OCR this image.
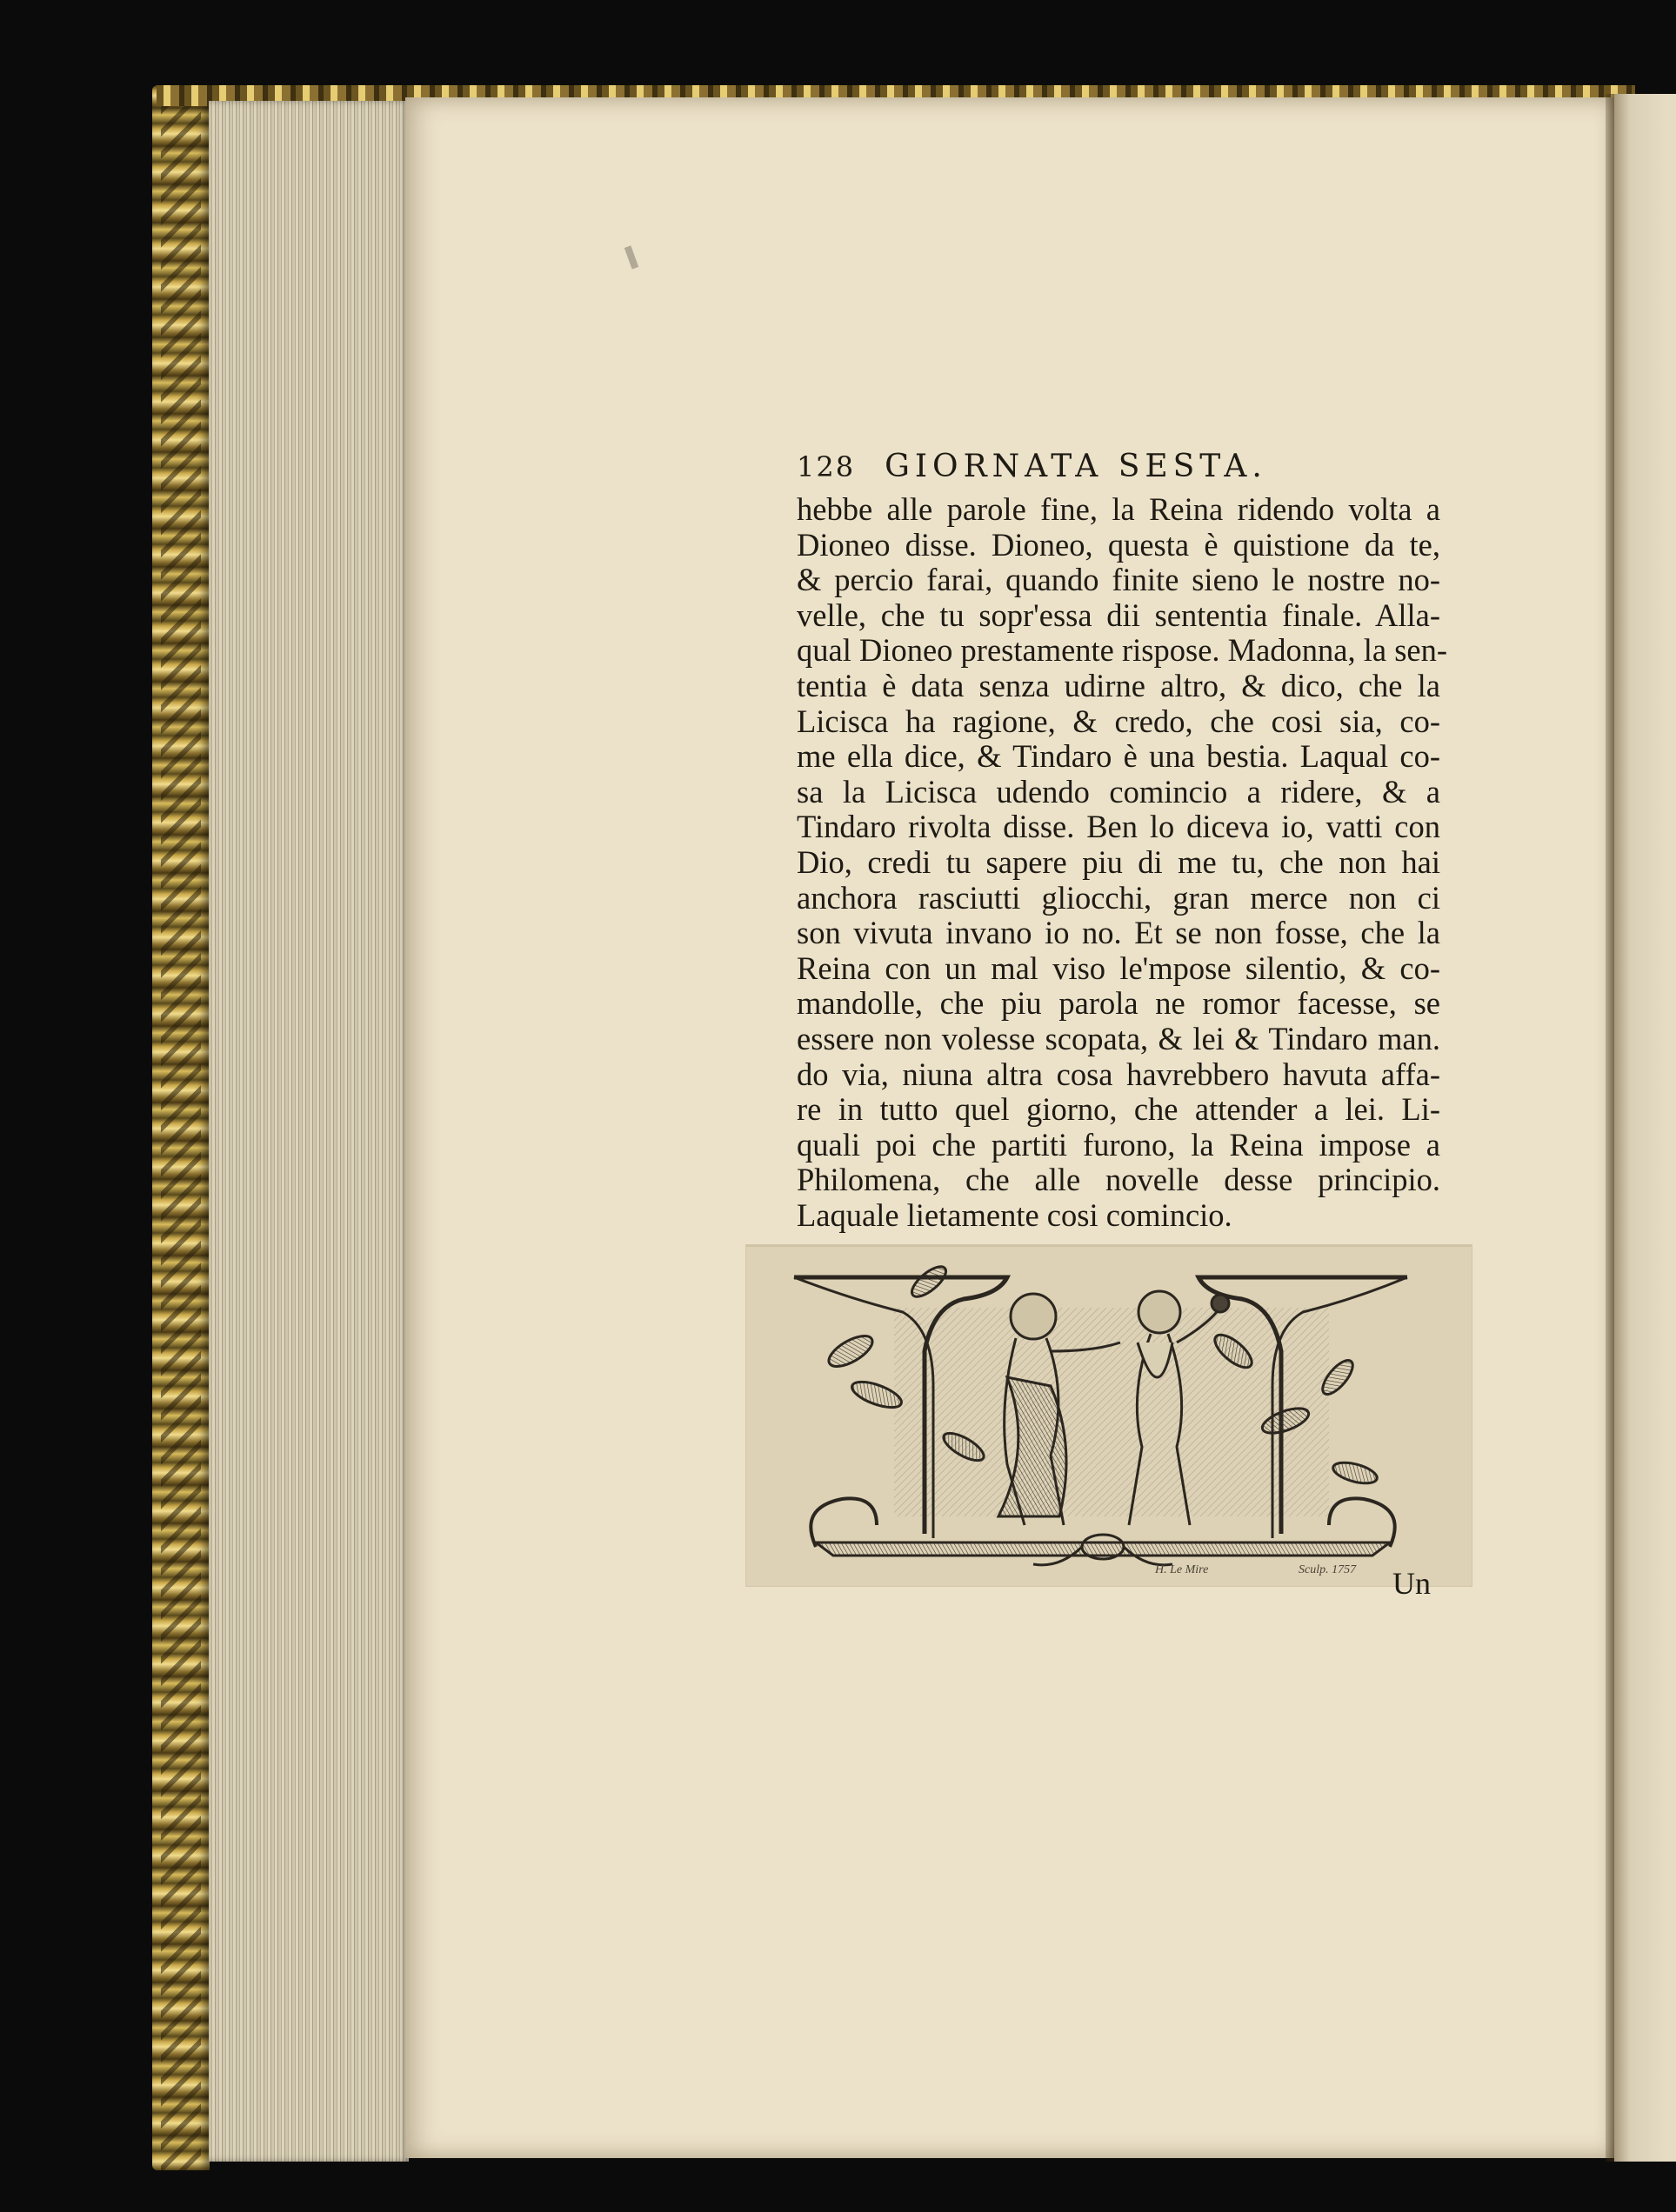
128 GIORNATA SESTA.
hebbe alle parole fine, la Reina ridendo volta a
Dioneo disse. Dioneo, questa è quistione da te,
& percio farai, quando finite sieno le nostre no-
velle, che tu sopr'essa dii sententia finale. Alla-
qual Dioneo prestamente rispose. Madonna, la sen-
tentia è data senza udirne altro, & dico, che la
Licisca ha ragione, & credo, che cosi sia, co-
me ella dice, & Tindaro è una bestia. Laqual co-
sa la Licisca udendo comincio a ridere, & a
Tindaro rivolta disse. Ben lo diceva io, vatti con
Dio, credi tu sapere piu di me tu, che non hai
anchora rasciutti gliocchi, gran merce non ci
son vivuta invano io no. Et se non fosse, che la
Reina con un mal viso le'mpose silentio, & co-
mandolle, che piu parola ne romor facesse, se
essere non volesse scopata, & lei & Tindaro man.
do via, niuna altra cosa havrebbero havuta affa-
re in tutto quel giorno, che attender a lei. Li-
quali poi che partiti furono, la Reina impose a
Philomena, che alle novelle desse principio.
Laquale lietamente cosi comincio.
H. Le Mire	Sculp. 1757 Un
